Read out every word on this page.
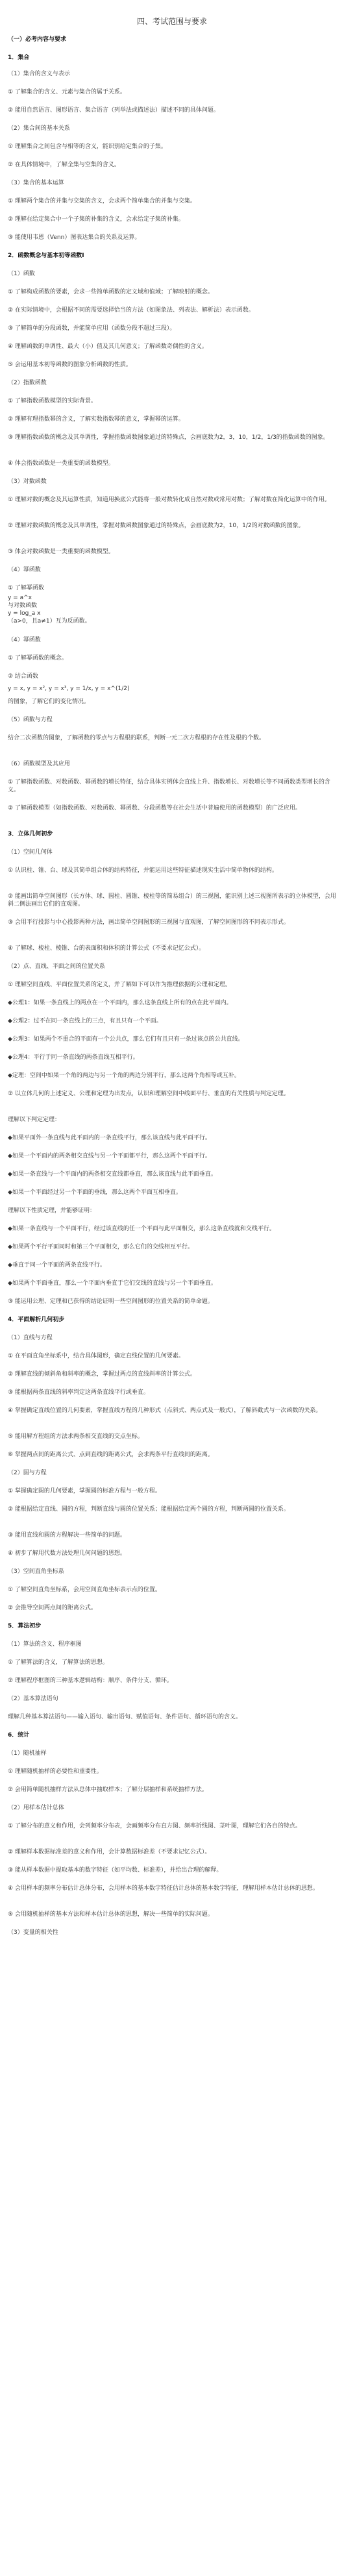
四、考试范围与要求
（一）必考内容与要求
1．集合
（1）集合的含义与表示
① 了解集合的含义、元素与集合的属于关系。
② 能用自然语言、图形语言、集合语言（列举法或描述法）描述不同的具体问题。
（2）集合间的基本关系
① 理解集合之间包含与相等的含义，能识别给定集合的子集。
② 在具体情境中，了解全集与空集的含义。
（3）集合的基本运算
① 理解两个集合的并集与交集的含义，会求两个简单集合的并集与交集。
② 理解在给定集合中一个子集的补集的含义，会求给定子集的补集。
③ 能使用韦恩（Venn）图表达集合的关系及运算。
2．函数概念与基本初等函数Ⅰ
（1）函数
① 了解构成函数的要素，会求一些简单函数的定义域和值域；了解映射的概念。
② 在实际情境中，会根据不同的需要选择恰当的方法（如图象法、列表法、解析法）表示函数。
③ 了解简单的分段函数，并能简单应用（函数分段不超过三段）。
④ 理解函数的单调性、最大（小）值及其几何意义；了解函数奇偶性的含义。
⑤ 会运用基本初等函数的图象分析函数的性质。
（2）指数函数
① 了解指数函数模型的实际背景。
② 理解有理指数幂的含义，了解实数指数幂的意义，掌握幂的运算。
③ 理解指数函数的概念及其单调性，掌握指数函数图象通过的特殊点，会画底数为2，3，10，1/2，1/3的指数函数的图象。
④ 体会指数函数是一类重要的函数模型。
（3）对数函数
① 理解对数的概念及其运算性质，知道用换底公式能将一般对数转化成自然对数或常用对数；了解对数在简化运算中的作用。
② 理解对数函数的概念及其单调性，掌握对数函数图象通过的特殊点，会画底数为2，10，1/2的对数函数的图象。
③ 体会对数函数是一类重要的函数模型。
（4）幂函数
① 了解幂函数
y = a^x
与对数函数
y = log_a x
（a>0，且a≠1）互为反函数。
（4）幂函数
① 了解幂函数的概念。
② 结合函数
y = x, y = x², y = x³, y = 1/x, y = x^(1/2)
的图象，了解它们的变化情况。
（5）函数与方程
结合二次函数的图象，了解函数的零点与方程根的联系，判断一元二次方程根的存在性及根的个数。
（6）函数模型及其应用
① 了解指数函数、对数函数、幂函数的增长特征，结合具体实例体会直线上升、指数增长、对数增长等不同函数类型增长的含义。
② 了解函数模型（如指数函数、对数函数、幂函数、分段函数等在社会生活中普遍使用的函数模型）的广泛应用。
3．立体几何初步
（1）空间几何体
① 认识柱、锥、台、球及其简单组合体的结构特征，并能运用这些特征描述现实生活中简单物体的结构。
② 能画出简单空间图形（长方体、球、圆柱、圆锥、棱柱等的简易组合）的三视图，能识别上述三视图所表示的立体模型，会用斜二侧法画出它们的直观图。
③ 会用平行投影与中心投影两种方法，画出简单空间图形的三视图与直观图，了解空间图形的不同表示形式。
④ 了解球、棱柱、棱锥、台的表面积和体积的计算公式（不要求记忆公式）。
（2）点、直线、平面之间的位置关系
① 理解空间直线、平面位置关系的定义，并了解如下可以作为推理依据的公理和定理。
◆公理1：如果一条直线上的两点在一个平面内，那么这条直线上所有的点在此平面内。
◆公理2：过不在同一条直线上的三点，有且只有一个平面。
◆公理3：如果两个不重合的平面有一个公共点，那么它们有且只有一条过该点的公共直线。
◆公理4：平行于同一条直线的两条直线互相平行。
◆定理：空间中如果一个角的两边与另一个角的两边分别平行，那么这两个角相等或互补。
② 以立体几何的上述定义、公理和定理为出发点，认识和理解空间中线面平行、垂直的有关性质与判定定理。
理解以下判定定理：
◆如果平面外一条直线与此平面内的一条直线平行，那么该直线与此平面平行。
◆如果一个平面内的两条相交直线与另一个平面都平行，那么这两个平面平行。
◆如果一条直线与一个平面内的两条相交直线都垂直，那么该直线与此平面垂直。
◆如果一个平面经过另一个平面的垂线，那么这两个平面互相垂直。
理解以下性质定理，并能够证明：
◆如果一条直线与一个平面平行，经过该直线的任一个平面与此平面相交，那么这条直线就和交线平行。
◆如果两个平行平面同时和第三个平面相交，那么它们的交线相互平行。
◆垂直于同一个平面的两条直线平行。
◆如果两个平面垂直，那么一个平面内垂直于它们交线的直线与另一个平面垂直。
③ 能运用公理、定理和已获得的结论证明一些空间图形的位置关系的简单命题。
4．平面解析几何初步
（1）直线与方程
① 在平面直角坐标系中，结合具体图形，确定直线位置的几何要素。
② 理解直线的倾斜角和斜率的概念，掌握过两点的直线斜率的计算公式。
③ 能根据两条直线的斜率判定这两条直线平行或垂直。
④ 掌握确定直线位置的几何要素，掌握直线方程的几种形式（点斜式、两点式及一般式），了解斜截式与一次函数的关系。
⑤ 能用解方程组的方法求两条相交直线的交点坐标。
⑥ 掌握两点间的距离公式、点到直线的距离公式，会求两条平行直线间的距离。
（2）圆与方程
① 掌握确定圆的几何要素，掌握圆的标准方程与一般方程。
② 能根据给定直线、圆的方程，判断直线与圆的位置关系；能根据给定两个圆的方程，判断两圆的位置关系。
③ 能用直线和圆的方程解决一些简单的问题。
④ 初步了解用代数方法处理几何问题的思想。
（3）空间直角坐标系
① 了解空间直角坐标系，会用空间直角坐标表示点的位置。
② 会推导空间两点间的距离公式。
5．算法初步
（1）算法的含义、程序框图
① 了解算法的含义，了解算法的思想。
② 理解程序框图的三种基本逻辑结构：顺序、条件分支、循环。
（2）基本算法语句
理解几种基本算法语句——输入语句、输出语句、赋值语句、条件语句、循环语句的含义。
6．统计
（1）随机抽样
① 理解随机抽样的必要性和重要性。
② 会用简单随机抽样方法从总体中抽取样本；了解分层抽样和系统抽样方法。
（2）用样本估计总体
① 了解分布的意义和作用，会列频率分布表，会画频率分布直方图、频率折线图、茎叶图，理解它们各自的特点。
② 理解样本数据标准差的意义和作用，会计算数据标准差（不要求记忆公式）。
③ 能从样本数据中提取基本的数字特征（如平均数、标准差），并给出合理的解释。
④ 会用样本的频率分布估计总体分布，会用样本的基本数字特征估计总体的基本数字特征，理解用样本估计总体的思想。
⑤ 会用随机抽样的基本方法和样本估计总体的思想，解决一些简单的实际问题。
（3）变量的相关性
